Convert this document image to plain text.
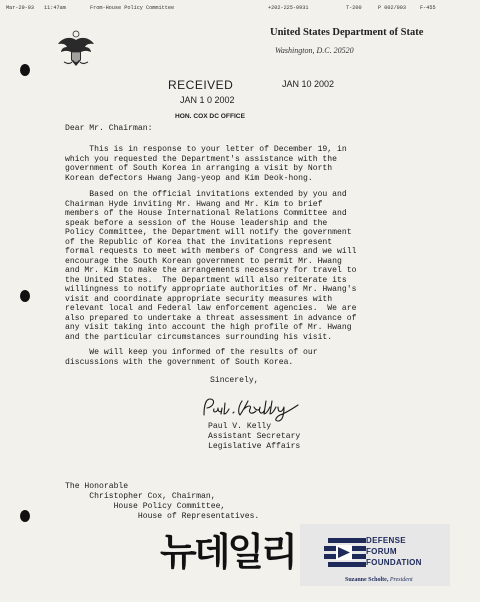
Mar-29-03 11:47am	From-House Policy Committee	+202-225-0931	T-200	P 002/003	F-455
United States Department of State
Washington, D.C. 20520
RECEIVED
JAN 1 0 2002
HON. COX DC OFFICE
JAN 10 2002
Dear Mr. Chairman:

This is in response to your letter of December 19, in

which you requested the Department's assistance with the

government of South Korea in arranging a visit by North

Korean defectors Hwang Jang-yeop and Kim Deok-hong.

Based on the official invitations extended by you and

Chairman Hyde inviting Mr. Hwang and Mr. Kim to brief

members of the House International Relations Committee and

speak before a session of the House leadership and the

Policy Committee, the Department will notify the government

of the Republic of Korea that the invitations represent

formal requests to meet with members of Congress and we will

encourage the South Korean government to permit Mr. Hwang

and Mr. Kim to make the arrangements necessary for travel to

the United States.  The Department will also reiterate its

willingness to notify appropriate authorities of Mr. Hwang's

visit and coordinate appropriate security measures with

relevant local and Federal law enforcement agencies.  We are

also prepared to undertake a threat assessment in advance of

any visit taking into account the high profile of Mr. Hwang

and the particular circumstances surrounding his visit.

We will keep you informed of the results of our

discussions with the government of South Korea.

Sincerely,
Paul V. Kelly
Assistant Secretary
Legislative Affairs
The Honorable
Christopher Cox, Chairman,
House Policy Committee,
House of Representatives.
뉴데일리	DEFENSE
FORUM
FOUNDATION
Suzanne Scholte, President
